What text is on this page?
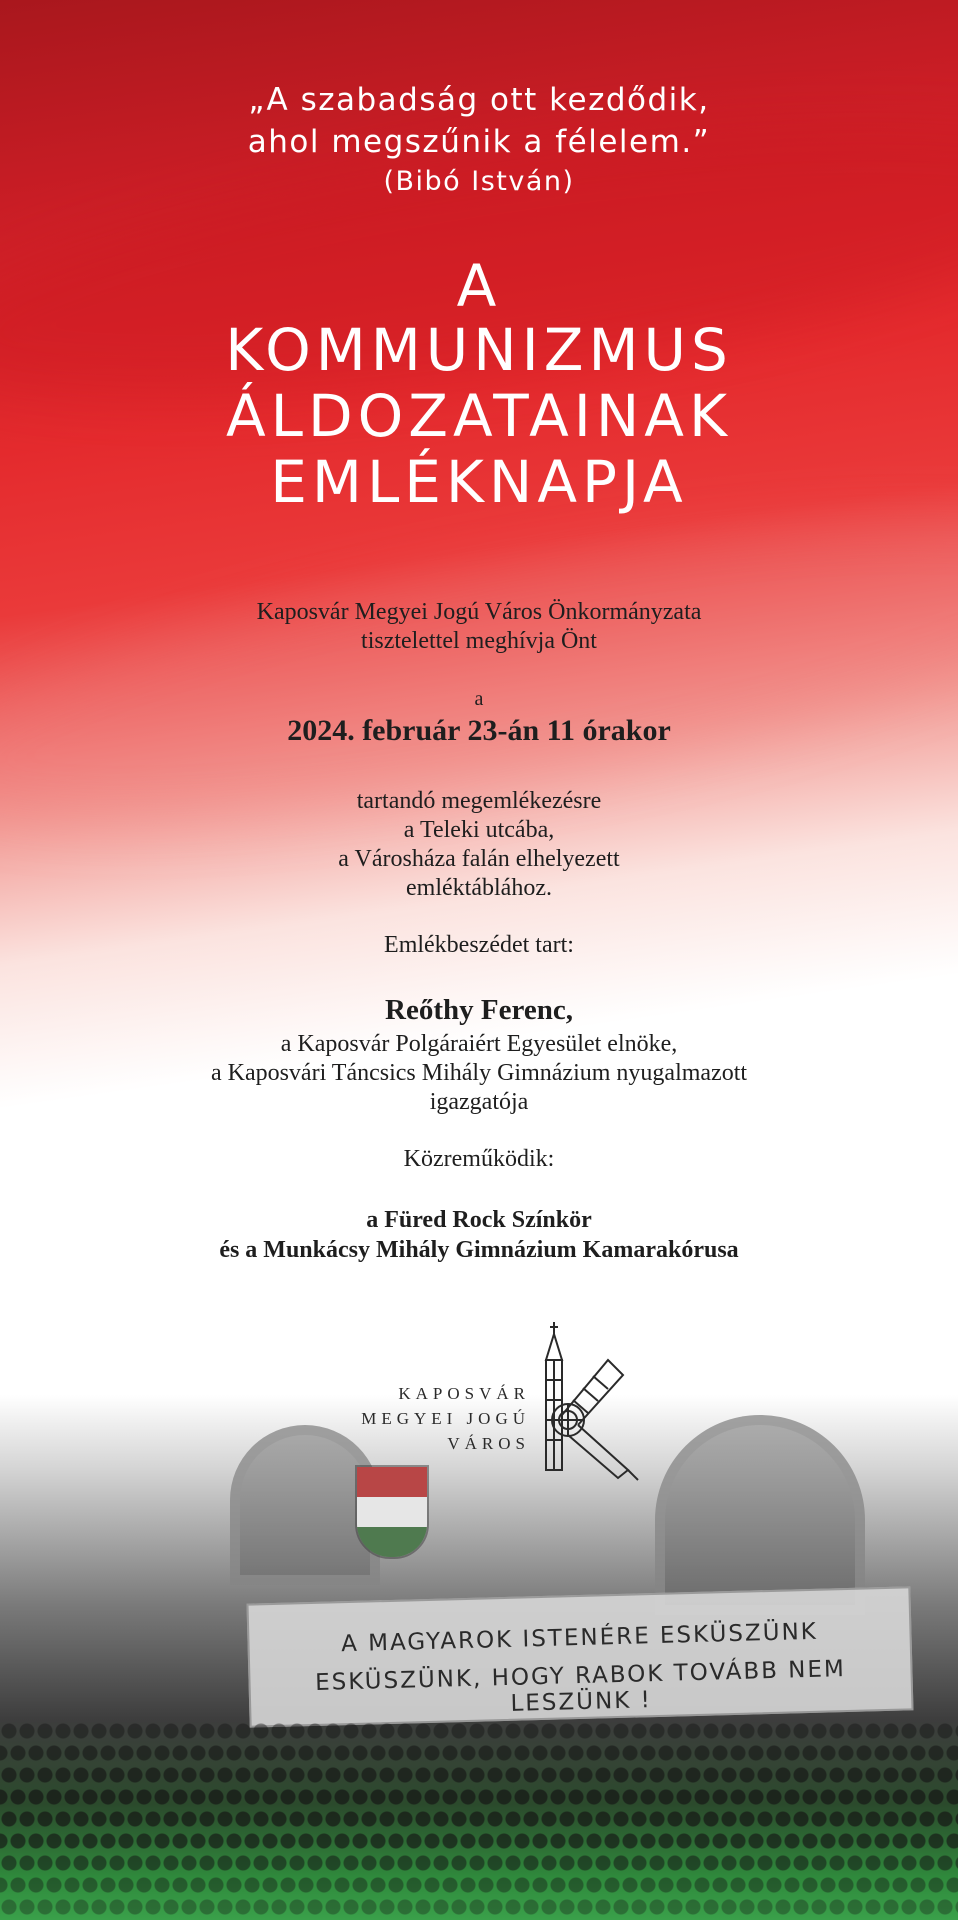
A MAGYAROK ISTENÉRE ESKÜSZÜNK
ESKÜSZÜNK, HOGY RABOK TOVÁBB NEM LESZÜNK !
„A szabadság ott kezdődik,
ahol megszűnik a félelem.”
(Bibó István)
A
KOMMUNIZMUS
ÁLDOZATAINAK
EMLÉKNAPJA
Kaposvár Megyei Jogú Város Önkormányzata
tisztelettel meghívja Önt
a
2024. február 23-án 11 órakor
tartandó megemlékezésre
a Teleki utcába,
a Városháza falán elhelyezett
emléktáblához.
Emlékbeszédet tart:
Reőthy Ferenc,
a Kaposvár Polgáraiért Egyesület elnöke,
a Kaposvári Táncsics Mihály Gimnázium nyugalmazott
igazgatója
Közreműködik:
a Füred Rock Színkör
és a Munkácsy Mihály Gimnázium Kamarakórusa
KAPOSVÁR
MEGYEI JOGÚ
VÁROS
